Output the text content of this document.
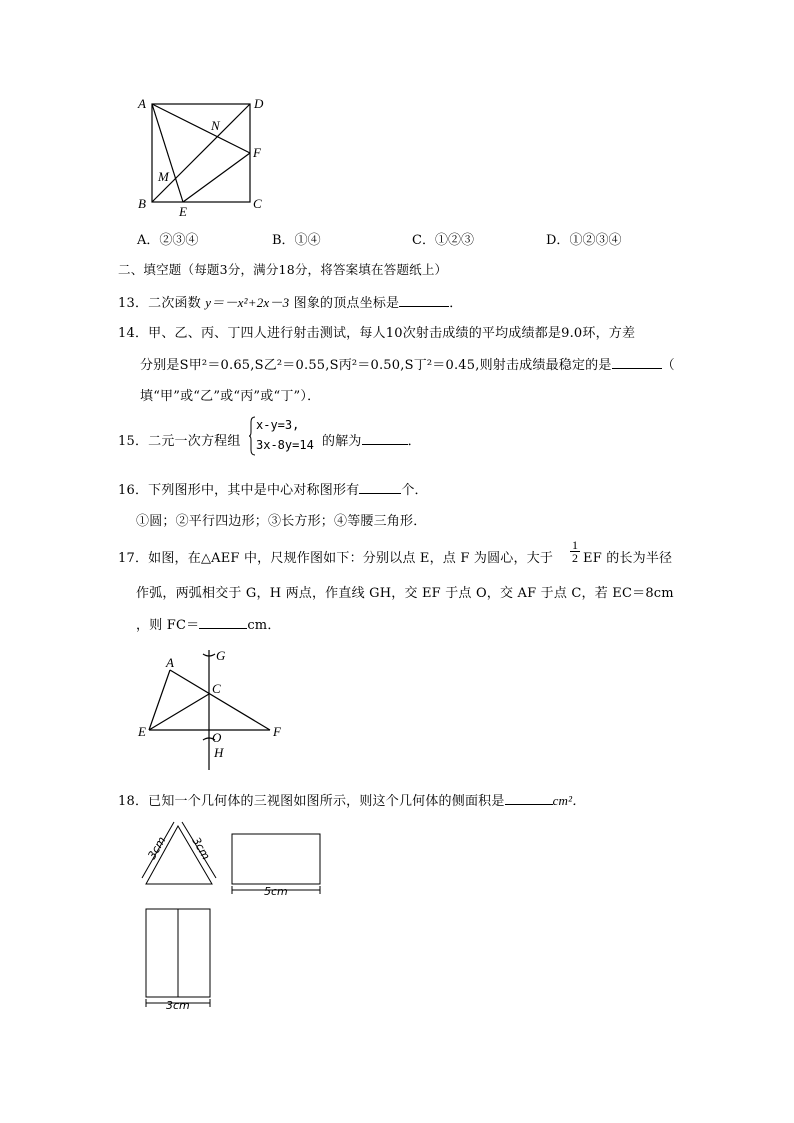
A	D
N
F
M
B
E
C
A．②③④	B．①④	C．①②③	D．①②③④
二、填空题（每题3分，满分18分，将答案填在答题纸上）
13．二次函数 y＝－x²+2x－3 图象的顶点坐标是	．
14．甲、乙、丙、丁四人进行射击测试，每人10次射击成绩的平均成绩都是9.0环，方差
分别是S甲²＝0.65,S乙²＝0.55,S丙²＝0.50,S丁²＝0.45,则射击成绩最稳定的是	（
填“甲”或“乙”或“丙”或“丁”）．
15．二元一次方程组
x-y=3,
3x-8y=14 的解为	．
16．下列图形中，其中是中心对称图形有	个．
①圆；②平行四边形；③长方形；④等腰三角形．
17．如图，在△AEF 中，尺规作图如下：分别以点 E，点 F 为圆心，大于
1
2 EF 的长为半径
作弧，两弧相交于 G，H 两点，作直线 GH，交 EF 于点 O，交 AF 于点 C，若 EC＝8cm
，则 FC＝	cm．
A	G
C
E	O	F
H
18．已知一个几何体的三视图如图所示，则这个几何体的侧面积是	cm²．
3cm 3cm
5cm
3cm
